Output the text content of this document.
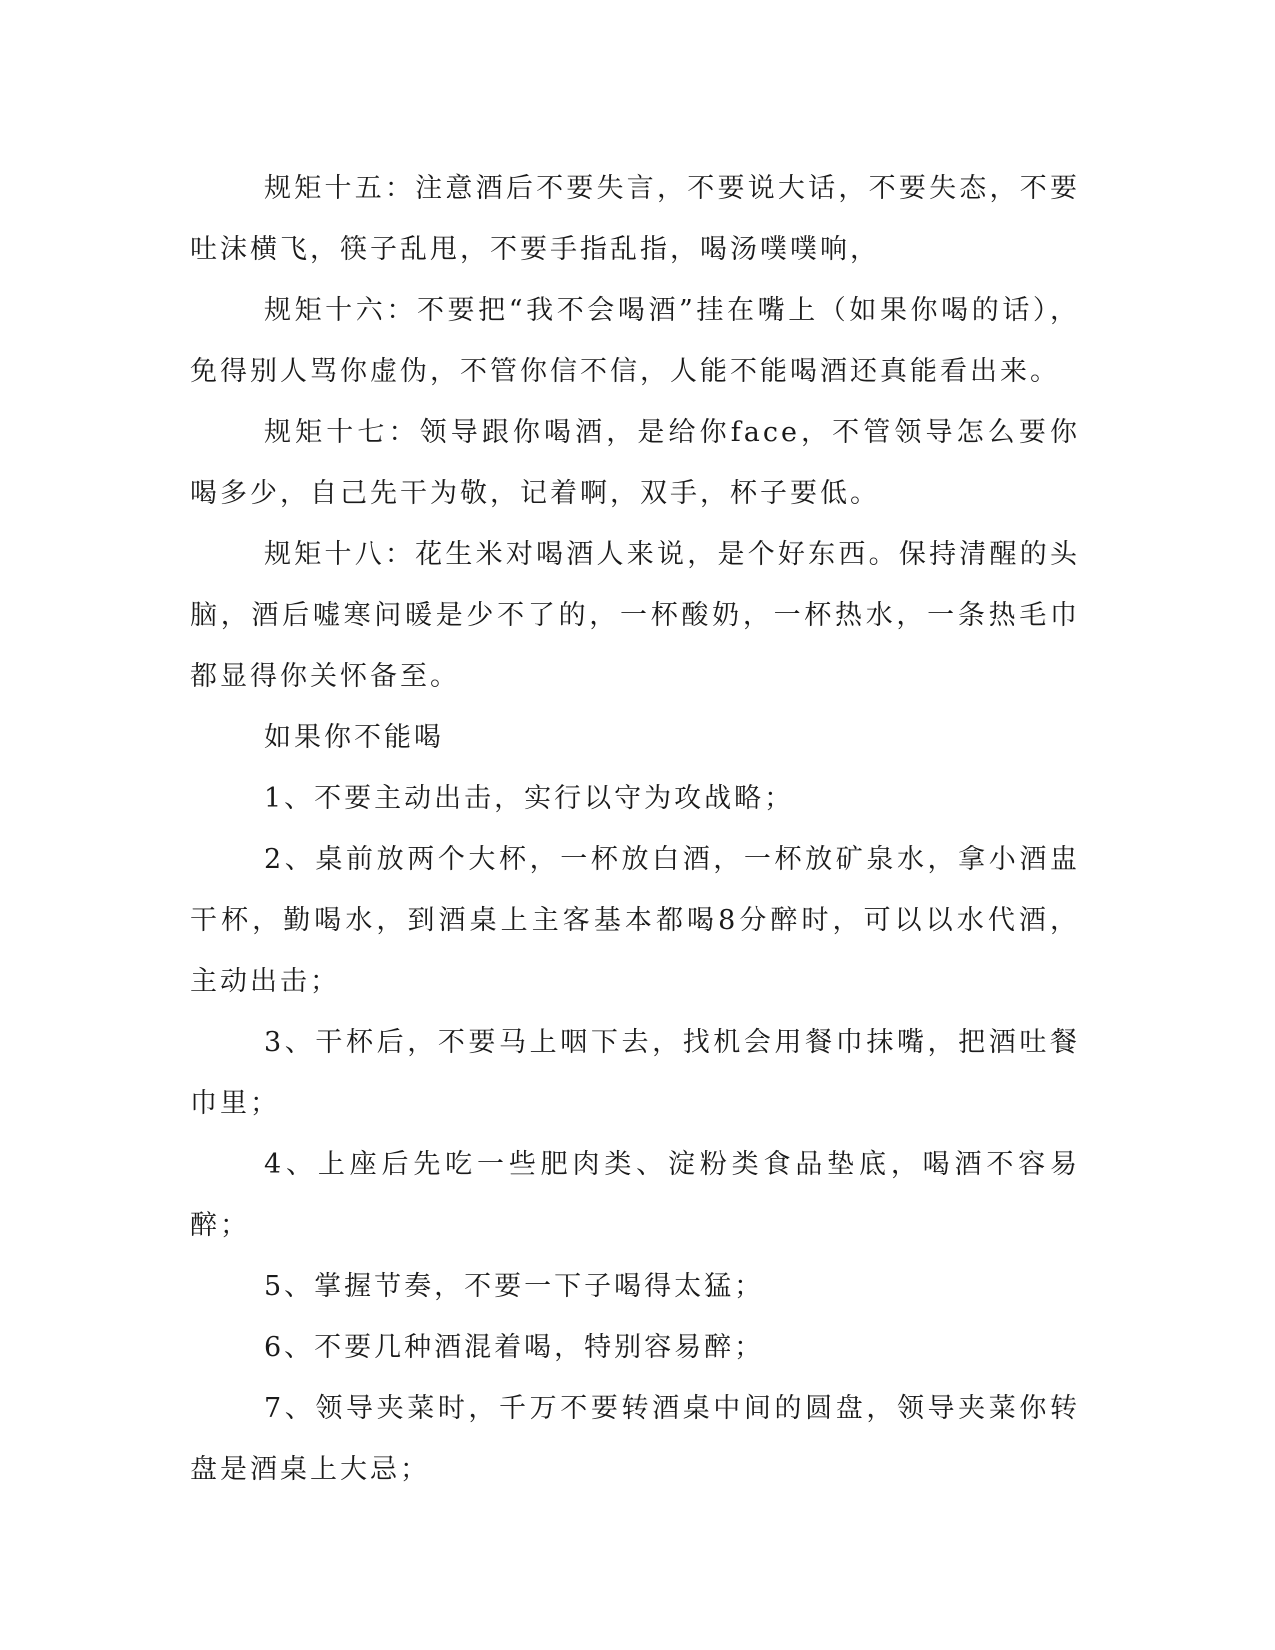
规矩十五：注意酒后不要失言，不要说大话，不要失态，不要吐沫横飞，筷子乱甩，不要手指乱指，喝汤噗噗响，

规矩十六：不要把“我不会喝酒”挂在嘴上（如果你喝的话），免得别人骂你虚伪，不管你信不信，人能不能喝酒还真能看出来。

规矩十七：领导跟你喝酒，是给你face，不管领导怎么要你喝多少，自己先干为敬，记着啊，双手，杯子要低。

规矩十八：花生米对喝酒人来说，是个好东西。保持清醒的头脑，酒后嘘寒问暖是少不了的，一杯酸奶，一杯热水，一条热毛巾都显得你关怀备至。

如果你不能喝

1、不要主动出击，实行以守为攻战略；

2、桌前放两个大杯，一杯放白酒，一杯放矿泉水，拿小酒盅干杯，勤喝水，到酒桌上主客基本都喝8分醉时，可以以水代酒，主动出击；

3、干杯后，不要马上咽下去，找机会用餐巾抹嘴，把酒吐餐巾里；

4、上座后先吃一些肥肉类、淀粉类食品垫底，喝酒不容易醉；

5、掌握节奏，不要一下子喝得太猛；

6、不要几种酒混着喝，特别容易醉；

7、领导夹菜时，千万不要转酒桌中间的圆盘，领导夹菜你转盘是酒桌上大忌；
